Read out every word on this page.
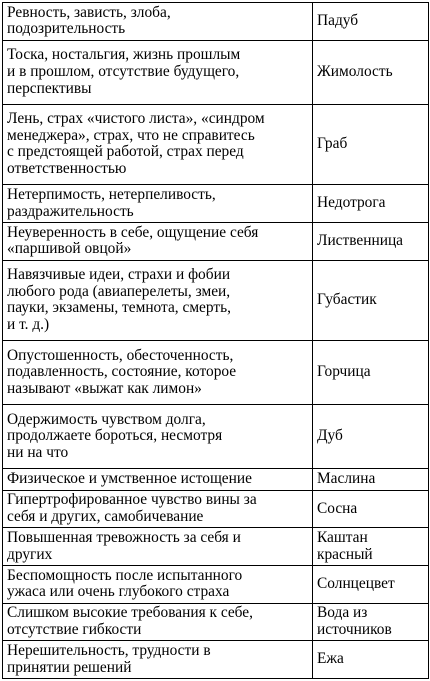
Ревность, зависть, злоба,
подозрительность	Падуб
Тоска, ностальгия, жизнь прошлым
и в прошлом, отсутствие будущего,
перспективы	Жимолость
Лень, страх «чистого листа», «синдром
менеджера», страх, что не справитесь
с предстоящей работой, страх перед
ответственностью	Граб
Нетерпимость, нетерпеливость,
раздражительность	Недотрога
Неуверенность в себе, ощущение себя
«паршивой овцой»	Лиственница
Навязчивые идеи, страхи и фобии
любого рода (авиаперелеты, змеи,
пауки, экзамены, темнота, смерть,
и т. д.)	Губастик
Опустошенность, обесточенность,
подавленность, состояние, которое
называют «выжат как лимон»	Горчица
Одержимость чувством долга,
продолжаете бороться, несмотря
ни на что	Дуб
Физическое и умственное истощение	Маслина
Гипертрофированное чувство вины за
себя и других, самобичевание	Сосна
Повышенная тревожность за себя и
других	Каштан
красный
Беспомощность после испытанного
ужаса или очень глубокого страха	Солнцецвет
Слишком высокие требования к себе,
отсутствие гибкости	Вода из
источников
Нерешительность, трудности в
принятии решений	Ежа
